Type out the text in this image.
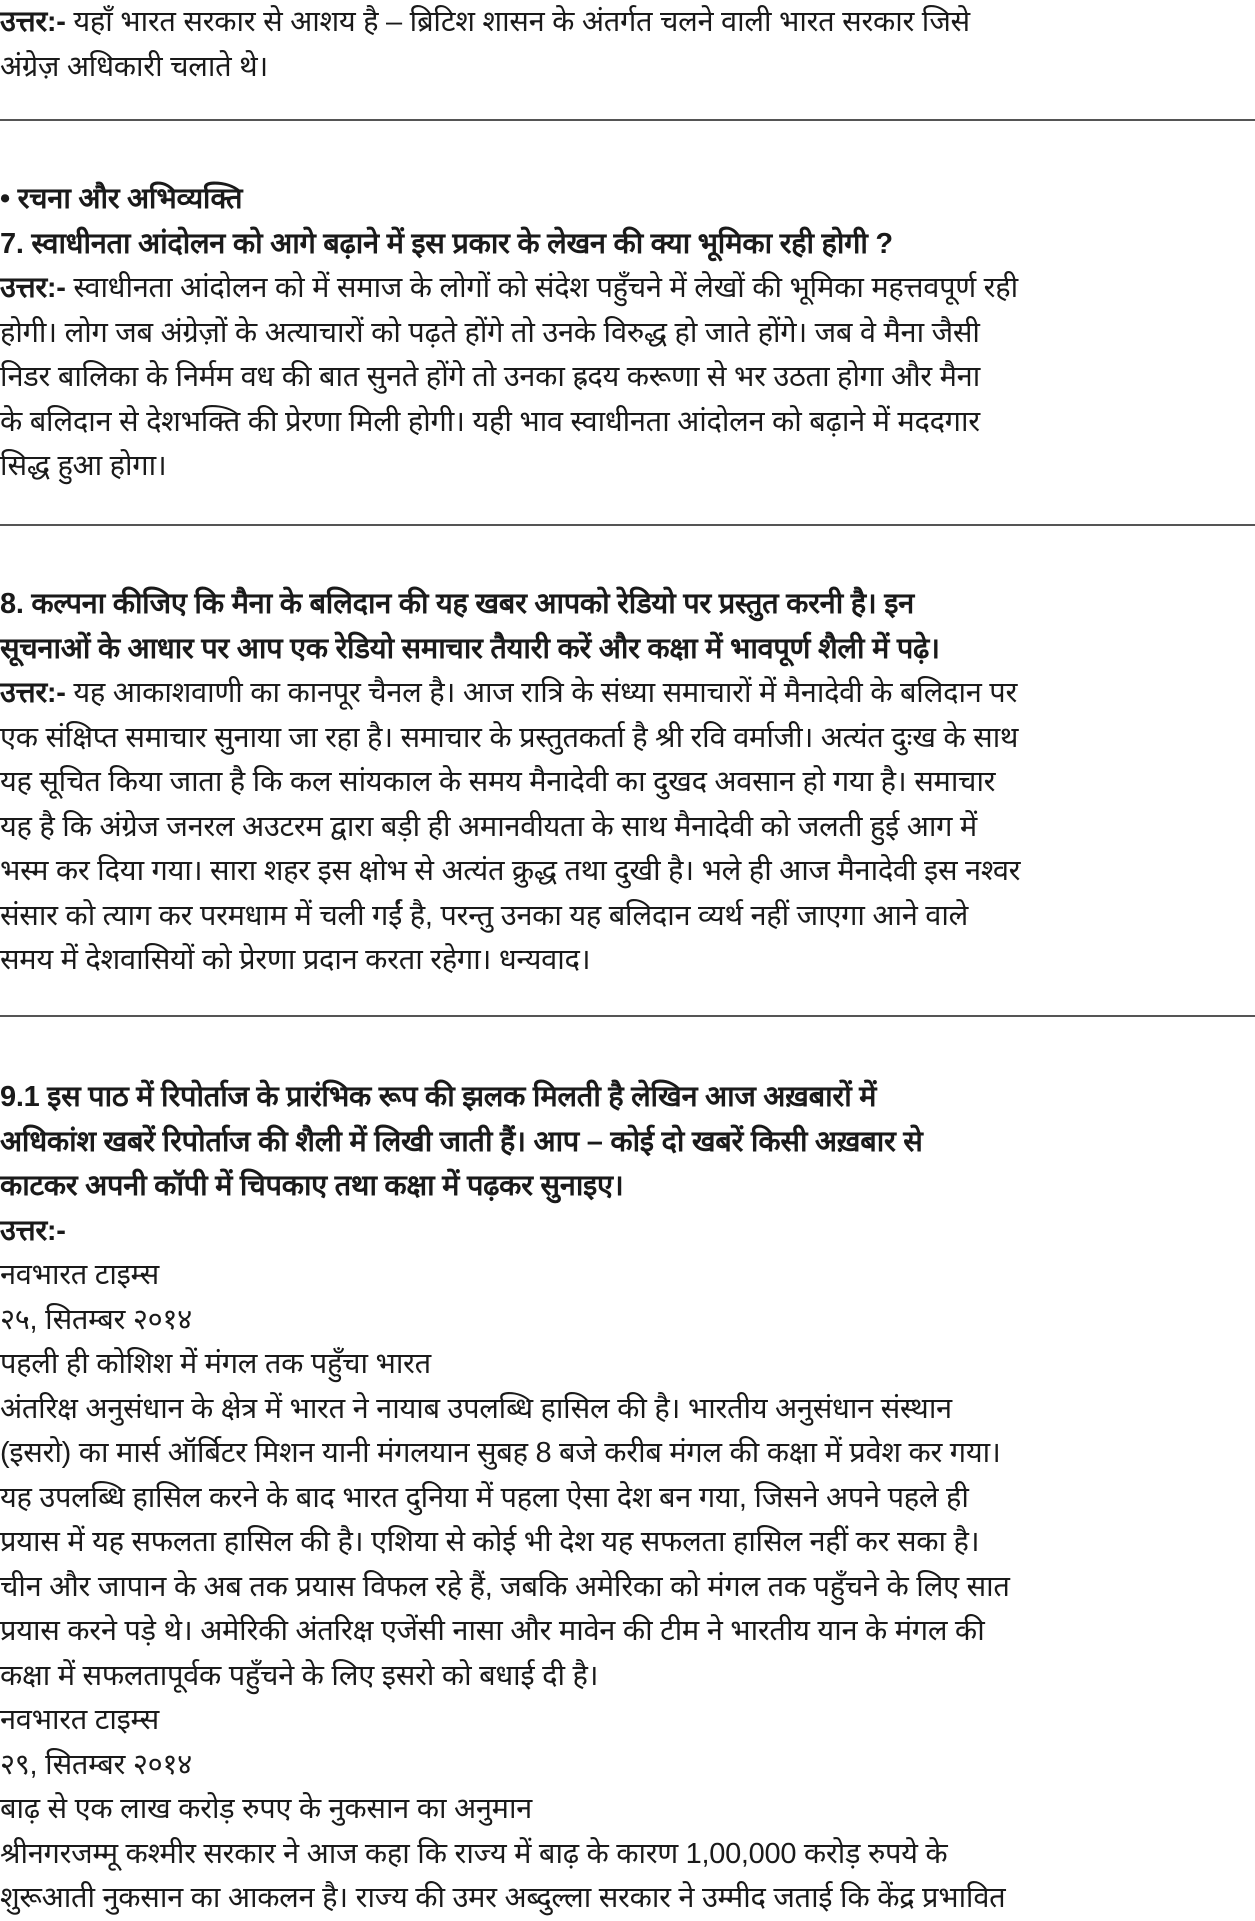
उत्तर:- यहाँ भारत सरकार से आशय है – ब्रिटिश शासन के अंतर्गत चलने वाली भारत सरकार जिसे
अंग्रेज़ अधिकारी चलाते थे।
• रचना और अभिव्यक्ति
7. स्वाधीनता आंदोलन को आगे बढ़ाने में इस प्रकार के लेखन की क्या भूमिका रही होगी ?
उत्तर:- स्वाधीनता आंदोलन को में समाज के लोगों को संदेश पहुँचने में लेखों की भूमिका महत्तवपूर्ण रही
होगी। लोग जब अंग्रेज़ों के अत्याचारों को पढ़ते होंगे तो उनके विरुद्ध हो जाते होंगे। जब वे मैना जैसी
निडर बालिका के निर्मम वध की बात सुनते होंगे तो उनका ह्रदय करूणा से भर उठता होगा और मैना
के बलिदान से देशभक्ति की प्रेरणा मिली होगी। यही भाव स्वाधीनता आंदोलन को बढ़ाने में मददगार
सिद्ध हुआ होगा।
8. कल्पना कीजिए कि मैना के बलिदान की यह खबर आपको रेडियो पर प्रस्तुत करनी है। इन
सूचनाओं के आधार पर आप एक रेडियो समाचार तैयारी करें और कक्षा में भावपूर्ण शैली में पढ़े।
उत्तर:- यह आकाशवाणी का कानपूर चैनल है। आज रात्रि के संध्या समाचारों में मैनादेवी के बलिदान पर
एक संक्षिप्त समाचार सुनाया जा रहा है। समाचार के प्रस्तुतकर्ता है श्री रवि वर्माजी। अत्यंत दुःख के साथ
यह सूचित किया जाता है कि कल सांयकाल के समय मैनादेवी का दुखद अवसान हो गया है। समाचार
यह है कि अंग्रेज जनरल अउटरम द्वारा बड़ी ही अमानवीयता के साथ मैनादेवी को जलती हुई आग में
भस्म कर दिया गया। सारा शहर इस क्षोभ से अत्यंत क्रुद्ध तथा दुखी है। भले ही आज मैनादेवी इस नश्वर
संसार को त्याग कर परमधाम में चली गईं है, परन्तु उनका यह बलिदान व्यर्थ नहीं जाएगा आने वाले
समय में देशवासियों को प्रेरणा प्रदान करता रहेगा। धन्यवाद।
9.1 इस पाठ में रिपोर्ताज के प्रारंभिक रूप की झलक मिलती है लेखिन आज अख़बारों में
अधिकांश खबरें रिपोर्ताज की शैली में लिखी जाती हैं। आप – कोई दो खबरें किसी अख़बार से
काटकर अपनी कॉपी में चिपकाए तथा कक्षा में पढ़कर सुनाइए।
उत्तर:-
नवभारत टाइम्स
२५, सितम्बर २०१४
पहली ही कोशिश में मंगल तक पहुँचा भारत
अंतरिक्ष अनुसंधान के क्षेत्र में भारत ने नायाब उपलब्धि हासिल की है। भारतीय अनुसंधान संस्थान
(इसरो) का मार्स ऑर्बिटर मिशन यानी मंगलयान सुबह 8 बजे करीब मंगल की कक्षा में प्रवेश कर गया।
यह उपलब्धि हासिल करने के बाद भारत दुनिया में पहला ऐसा देश बन गया, जिसने अपने पहले ही
प्रयास में यह सफलता हासिल की है। एशिया से कोई भी देश यह सफलता हासिल नहीं कर सका है।
चीन और जापान के अब तक प्रयास विफल रहे हैं, जबकि अमेरिका को मंगल तक पहुँचने के लिए सात
प्रयास करने पड़े थे। अमेरिकी अंतरिक्ष एजेंसी नासा और मावेन की टीम ने भारतीय यान के मंगल की
कक्षा में सफलतापूर्वक पहुँचने के लिए इसरो को बधाई दी है।
नवभारत टाइम्स
२९, सितम्बर २०१४
बाढ़ से एक लाख करोड़ रुपए के नुकसान का अनुमान
श्रीनगरजम्मू कश्मीर सरकार ने आज कहा कि राज्य में बाढ़ के कारण 1,00,000 करोड़ रुपये के
शुरूआती नुकसान का आकलन है। राज्य की उमर अब्दुल्ला सरकार ने उम्मीद जताई कि केंद्र प्रभावित
